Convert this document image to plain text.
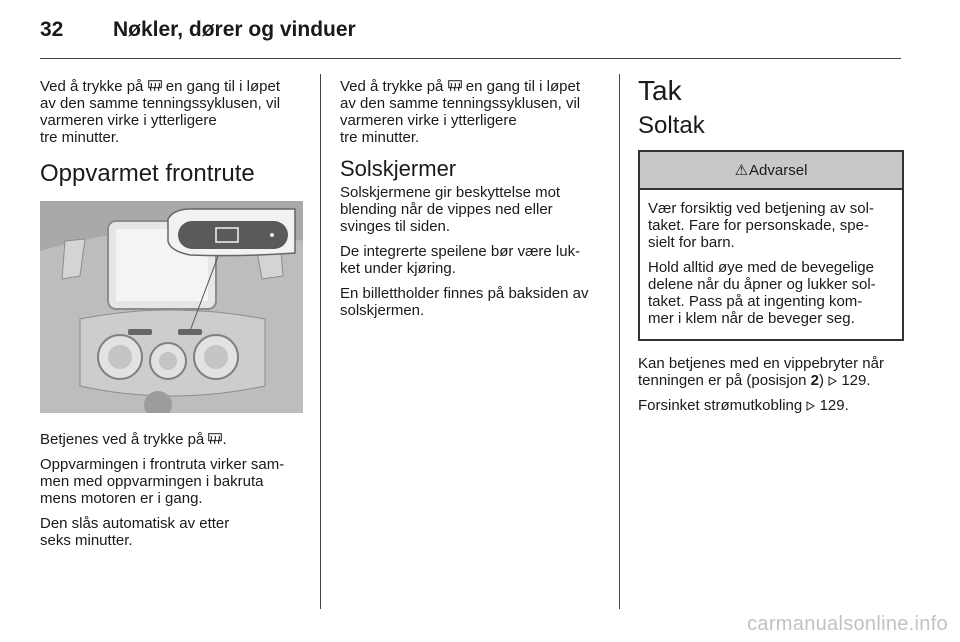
32 Nøkler, dører og vinduer

Ved å trykke på en gang til i løpet
av den samme tenningssyklusen, vil
varmeren virke i ytterligere
tre minutter.

Oppvarmet frontrute

Betjenes ved å trykke på .

Oppvarmingen i frontruta virker sam-
men med oppvarmingen i bakruta
mens motoren er i gang.

Den slås automatisk av etter
seks minutter.

Ved å trykke på en gang til i løpet
av den samme tenningssyklusen, vil
varmeren virke i ytterligere
tre minutter.

Solskjermer

Solskjermene gir beskyttelse mot
blending når de vippes ned eller
svinges til siden.

De integrerte speilene bør være luk-
ket under kjøring.

En billettholder finnes på baksiden av
solskjermen.

Tak
Soltak
⚠ Advarsel

Vær forsiktig ved betjening av sol-
taket. Fare for personskade, spe-
sielt for barn.

Hold alltid øye med de bevegelige
delene når du åpner og lukker sol-
taket. Pass på at ingenting kom-
mer i klem når de beveger seg.

Kan betjenes med en vippebryter når
tenningen er på (posisjon 2) 129.

Forsinket strømutkobling 129.

carmanualsonline.info
